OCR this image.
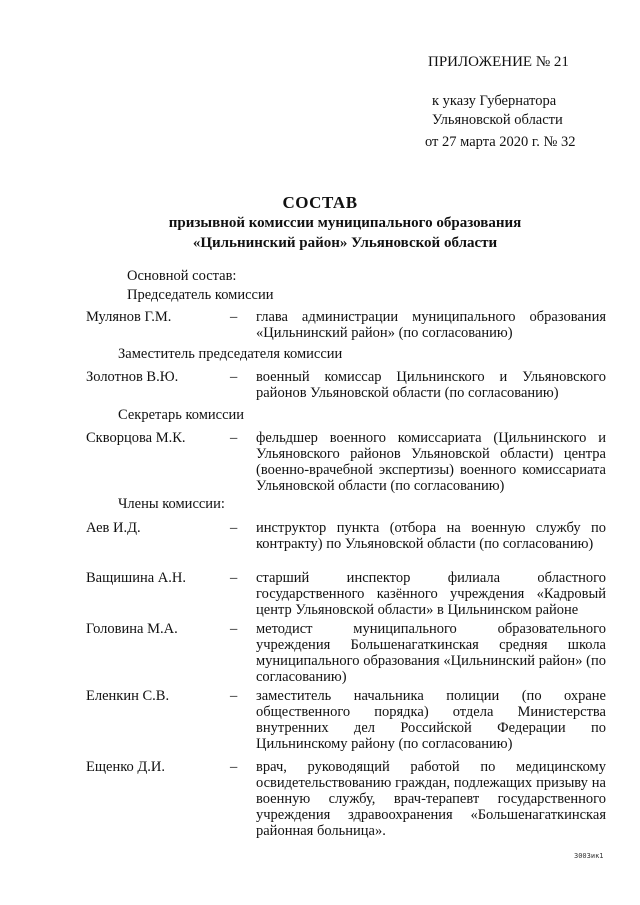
ПРИЛОЖЕНИЕ № 21
к указу Губернатора
Ульяновской области
от 27 марта 2020 г. № 32
СОСТАВ
призывной комиссии муниципального образования
«Цильнинский район» Ульяновской области
Основной состав:
Председатель комиссии
Мулянов Г.М.	– глава администрации муниципального образования «Цильнинский район» (по согласованию)
Заместитель председателя комиссии
Золотнов В.Ю.	– военный комиссар Цильнинского и Ульяновского районов Ульяновской области (по согласованию)
Секретарь комиссии
Скворцова М.К.	– фельдшер военного комиссариата (Цильнинского и Ульяновского районов Ульяновской области) центра (военно-врачебной экспертизы) военного комиссариата Ульяновской области (по согласованию)
Члены комиссии:
Аев И.Д.	– инструктор пункта (отбора на военную службу по контракту) по Ульяновской области (по согласованию)
Ващишина А.Н.	– старший инспектор филиала областного государственного казённого учреждения «Кадровый центр Ульяновской области» в Цильнинском районе
Головина М.А.	– методист муниципального образовательного учреждения Большенагаткинская средняя школа муниципального образования «Цильнинский район» (по согласованию)
Еленкин С.В.	– заместитель начальника полиции (по охране общественного порядка) отдела Министерства внутренних дел Российской Федерации по Цильнинскому району (по согласованию)
Ещенко Д.И.	– врач, руководящий работой по медицинскому освидетельствованию граждан, подлежащих призыву на военную службу, врач-терапевт государственного учреждения здравоохранения «Большенагаткинская районная больница».
3003ик1
